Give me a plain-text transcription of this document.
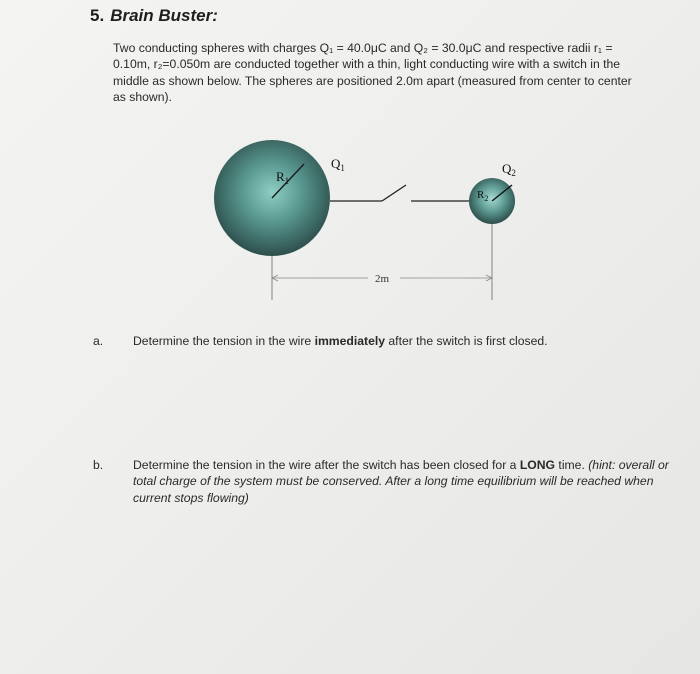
5. Brain Buster:
Two conducting spheres with charges Q₁ = 40.0μC and Q₂ = 30.0μC and respective radii r₁ = 0.10m, r₂=0.050m are conducted together with a thin, light conducting wire with a switch in the middle as shown below. The spheres are positioned 2.0m apart (measured from center to center as shown).
$R_1$
$Q_1$
$R_2$
$Q_2$
2m
a. Determine the tension in the wire immediately after the switch is first closed.
b. Determine the tension in the wire after the switch has been closed for a LONG time. (hint: overall or total charge of the system must be conserved. After a long time equilibrium will be reached when current stops flowing)
